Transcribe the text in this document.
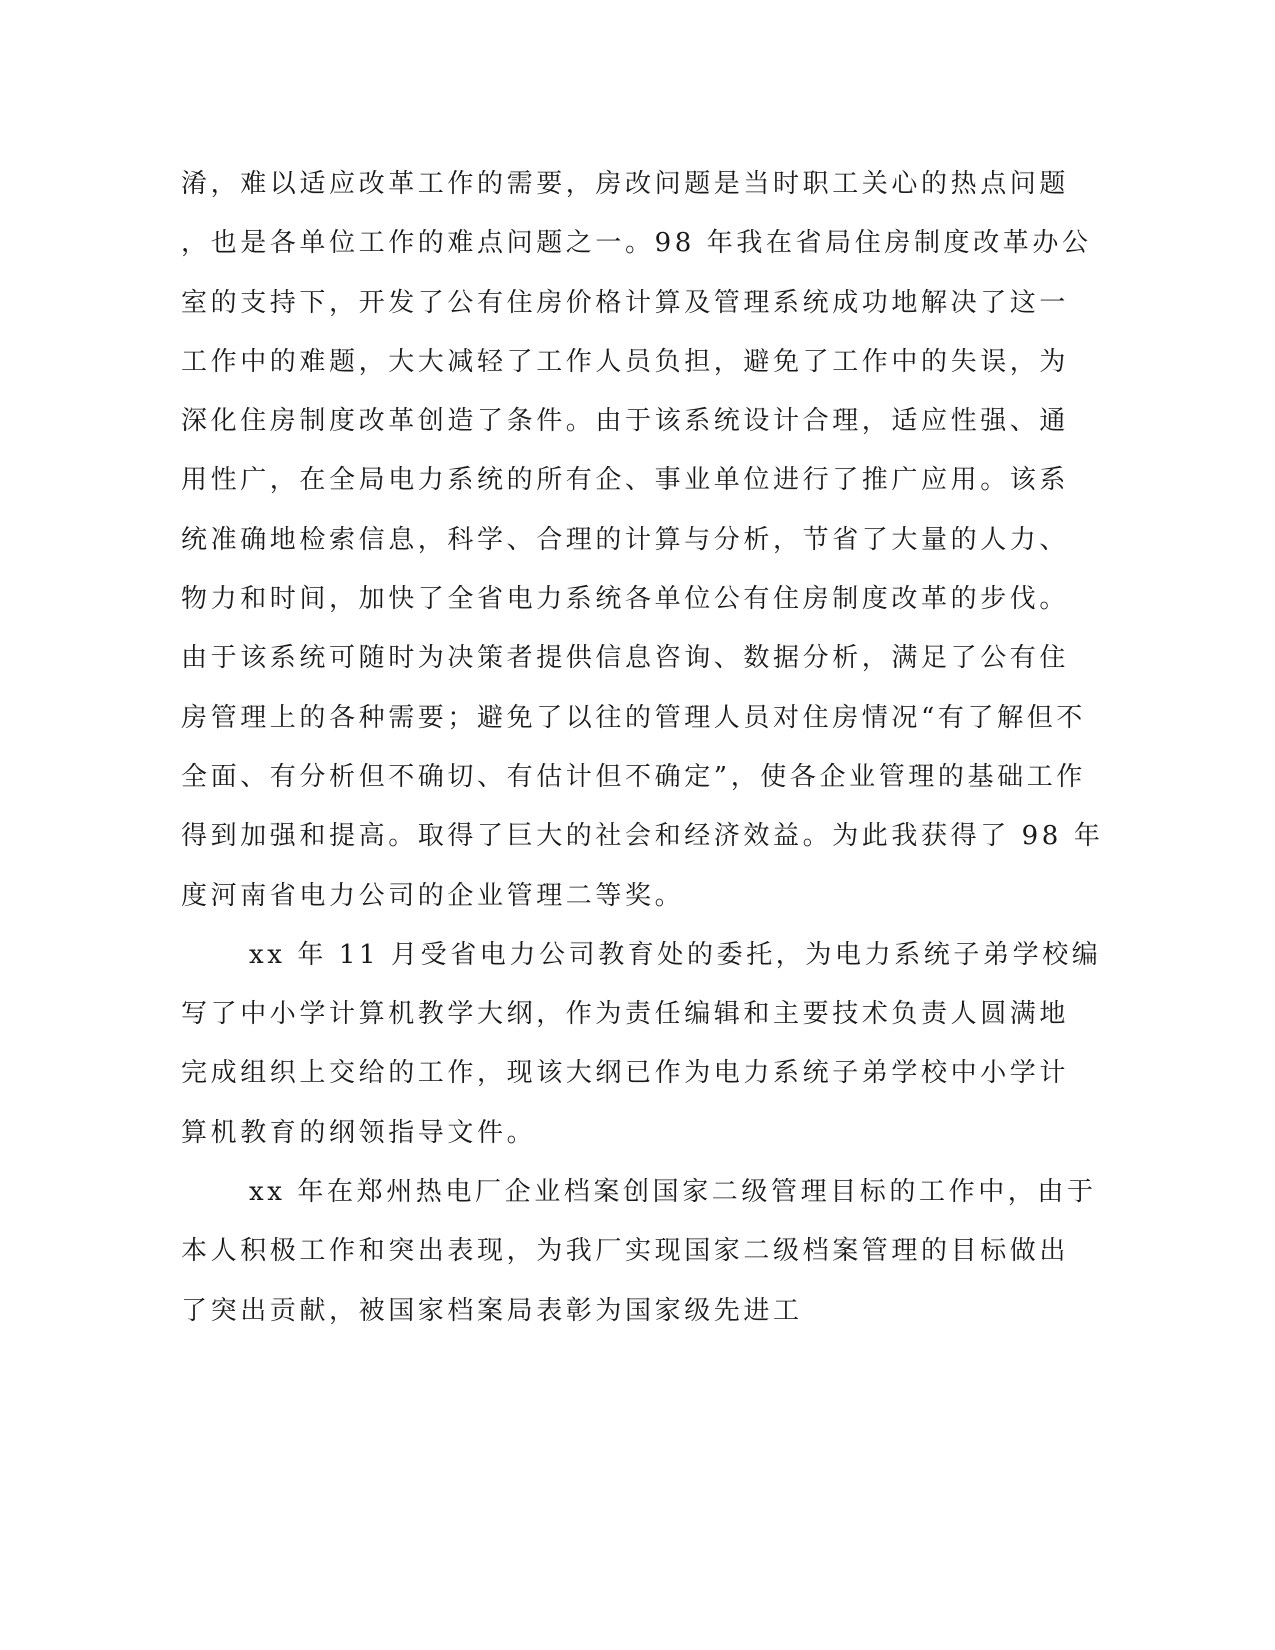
淆，难以适应改革工作的需要，房改问题是当时职工关心的热点问题
，也是各单位工作的难点问题之一。98 年我在省局住房制度改革办公
室的支持下，开发了公有住房价格计算及管理系统成功地解决了这一
工作中的难题，大大减轻了工作人员负担，避免了工作中的失误，为
深化住房制度改革创造了条件。由于该系统设计合理，适应性强、通
用性广，在全局电力系统的所有企、事业单位进行了推广应用。该系
统准确地检索信息，科学、合理的计算与分析，节省了大量的人力、
物力和时间，加快了全省电力系统各单位公有住房制度改革的步伐。
由于该系统可随时为决策者提供信息咨询、数据分析，满足了公有住
房管理上的各种需要；避免了以往的管理人员对住房情况“有了解但不
全面、有分析但不确切、有估计但不确定”，使各企业管理的基础工作
得到加强和提高。取得了巨大的社会和经济效益。为此我获得了 98 年
度河南省电力公司的企业管理二等奖。
xx 年 11 月受省电力公司教育处的委托，为电力系统子弟学校编
写了中小学计算机教学大纲，作为责任编辑和主要技术负责人圆满地
完成组织上交给的工作，现该大纲已作为电力系统子弟学校中小学计
算机教育的纲领指导文件。
xx 年在郑州热电厂企业档案创国家二级管理目标的工作中，由于
本人积极工作和突出表现，为我厂实现国家二级档案管理的目标做出
了突出贡献，被国家档案局表彰为国家级先进工
